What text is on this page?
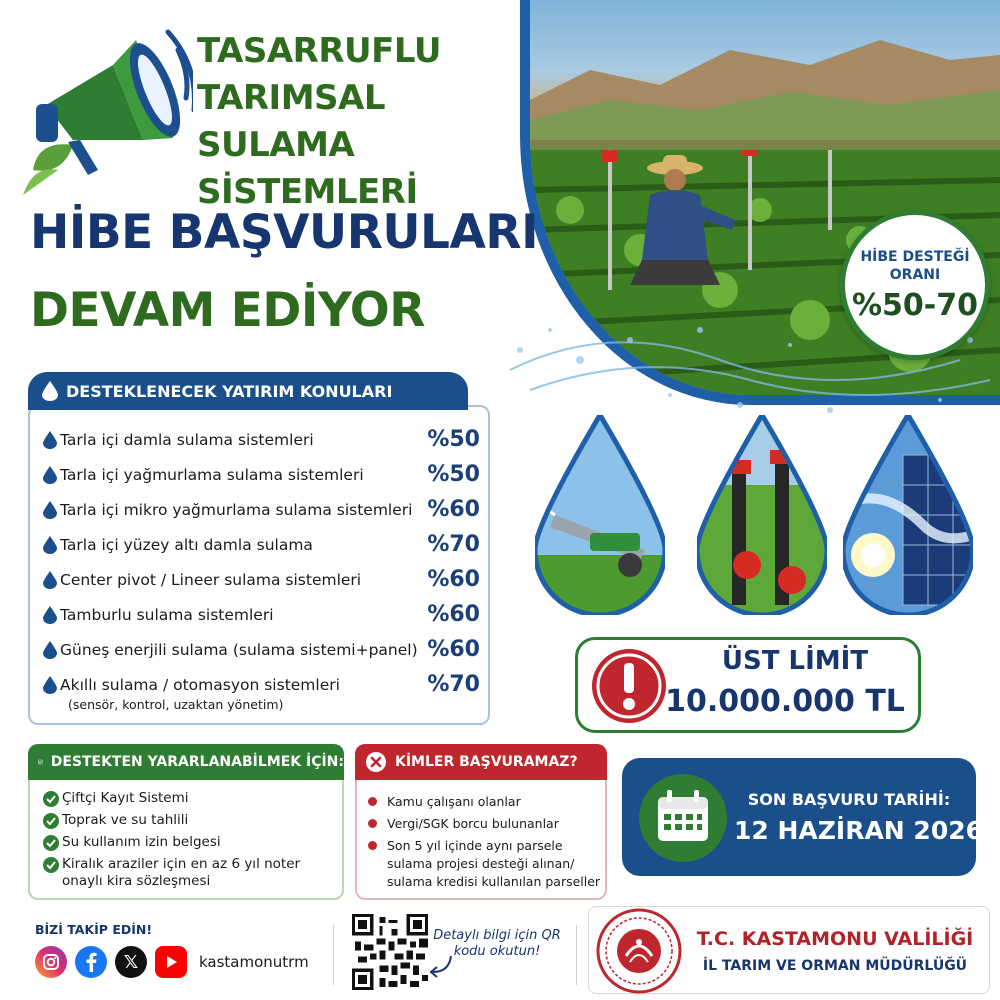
HİBE DESTEĞİ
ORANI
%50-70
TASARRUFLU
TARIMSAL SULAMA
SİSTEMLERİ
HİBE BAŞVURULARI
DEVAM EDİYOR
DESTEKLENECEK YATIRIM KONULARI
Tarla içi damla sulama sistemleri	%50
Tarla içi yağmurlama sulama sistemleri	%50
Tarla içi mikro yağmurlama sulama sistemleri %60
Tarla içi yüzey altı damla sulama	%70
Center pivot / Lineer sulama sistemleri	%60
Tamburlu sulama sistemleri	%60
Güneş enerjili sulama (sulama sistemi+panel) %60
Akıllı sulama / otomasyon sistemleri	%70
(sensör, kontrol, uzaktan yönetim)
ÜST LİMİT
10.000.000 TL
DESTEKTEN YARARLANABİLMEK İÇİN:
Çiftçi Kayıt Sistemi
Toprak ve su tahlili
Su kullanım izin belgesi
Kiralık araziler için en az 6 yıl noter onaylı kira sözleşmesi
KİMLER BAŞVURAMAZ?
Kamu çalışanı olanlar
Vergi/SGK borcu bulunanlar
Son 5 yıl içinde aynı parsele sulama projesi desteği alınan/ sulama kredisi kullanılan parseller
SON BAŞVURU TARİHİ:
12 HAZİRAN 2026
BİZİ TAKİP EDİN!
𝕏	kastamonutrm
Detaylı bilgi için QR kodu okutun!
T.C. KASTAMONU VALİLİĞİ
İL TARIM VE ORMAN MÜDÜRLÜĞÜ
